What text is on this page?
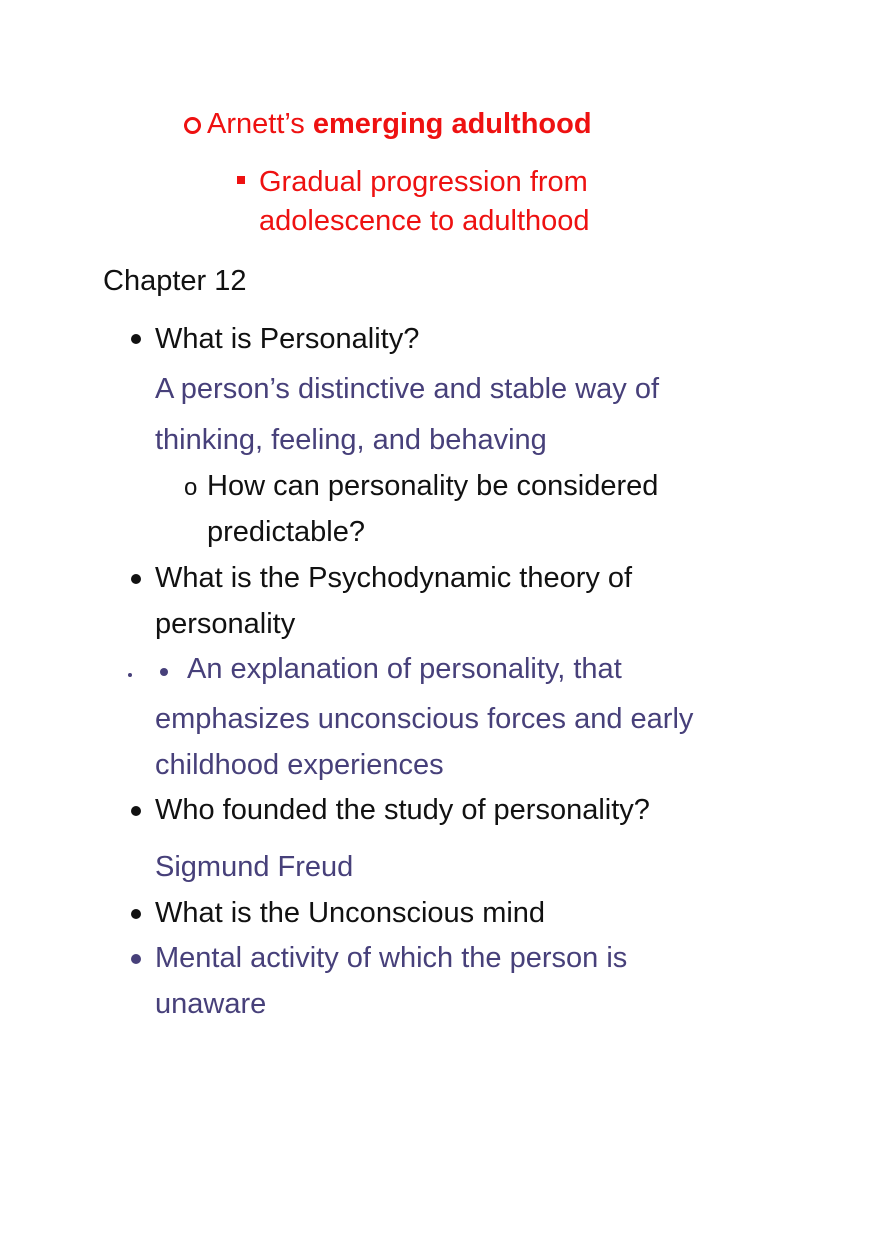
Arnett’s emerging adulthood
Gradual progression from
adolescence to adulthood
Chapter 12
What is Personality?
A person’s distinctive and stable way of
thinking, feeling, and behaving
o How can personality be considered
predictable?
What is the Psychodynamic theory of
personality
An explanation of personality, that
emphasizes unconscious forces and early
childhood experiences
Who founded the study of personality?
Sigmund Freud
What is the Unconscious mind
Mental activity of which the person is
unaware
